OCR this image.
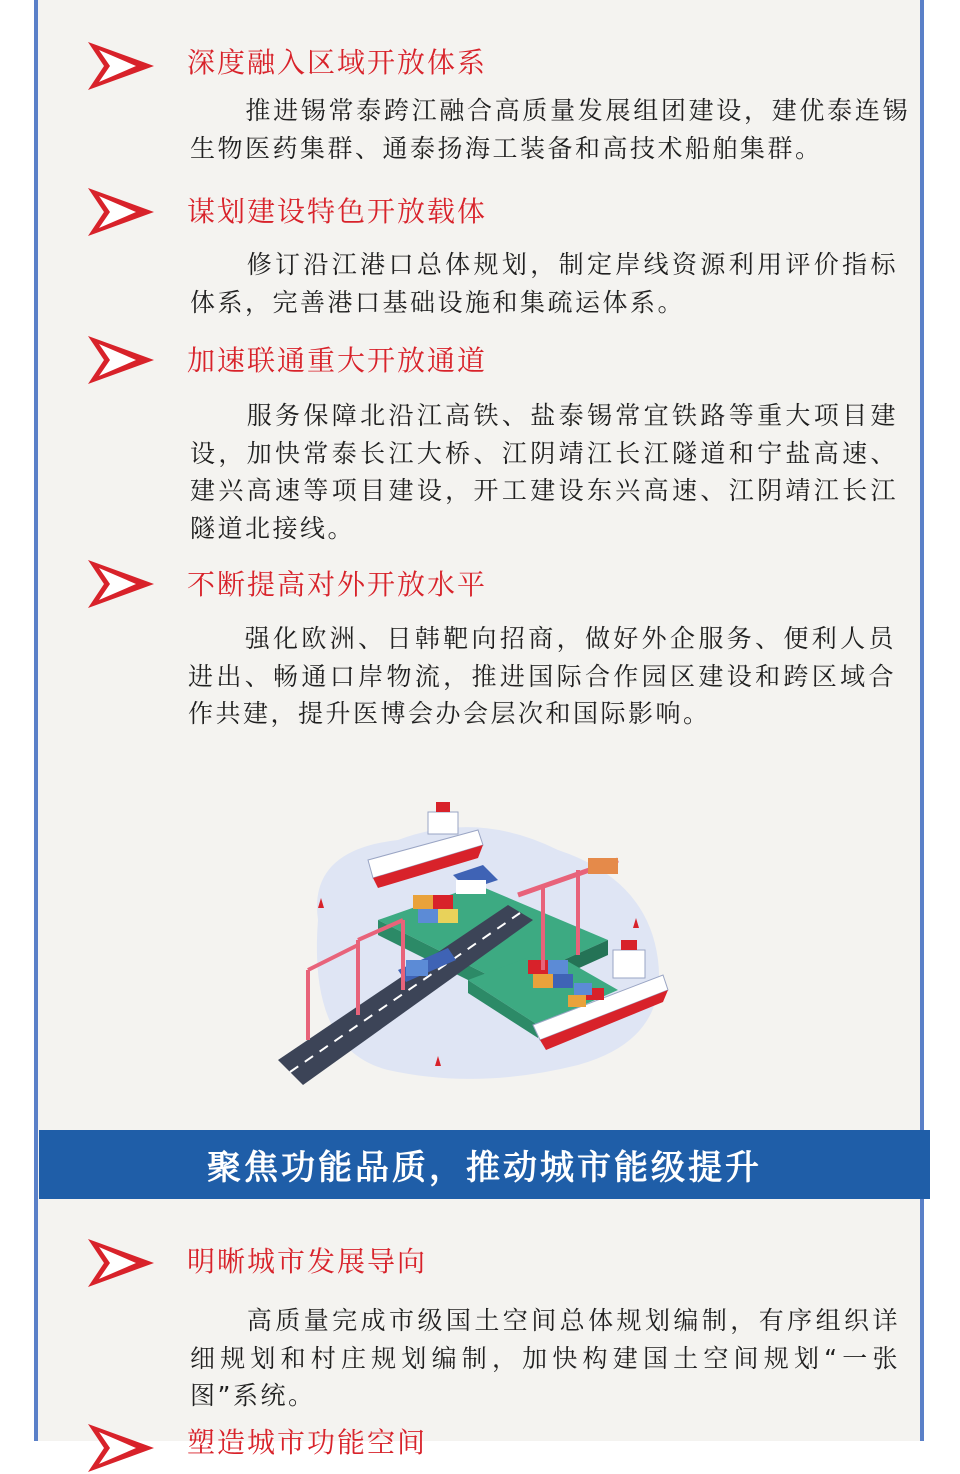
深度融入区域开放体系

　　推进锡常泰跨江融合高质量发展组团建设，建优泰连锡生物医药集群、通泰扬海工装备和高技术船舶集群。

谋划建设特色开放载体

　　修订沿江港口总体规划，制定岸线资源利用评价指标体系，完善港口基础设施和集疏运体系。

加速联通重大开放通道

　　服务保障北沿江高铁、盐泰锡常宜铁路等重大项目建设，加快常泰长江大桥、江阴靖江长江隧道和宁盐高速、建兴高速等项目建设，开工建设东兴高速、江阴靖江长江隧道北接线。

不断提高对外开放水平

　　强化欧洲、日韩靶向招商，做好外企服务、便利人员进出、畅通口岸物流，推进国际合作园区建设和跨区域合作共建，提升医博会办会层次和国际影响。

聚焦功能品质，推动城市能级提升
明晰城市发展导向

　　高质量完成市级国土空间总体规划编制，有序组织详细规划和村庄规划编制，加快构建国土空间规划“一张图”系统。

塑造城市功能空间
